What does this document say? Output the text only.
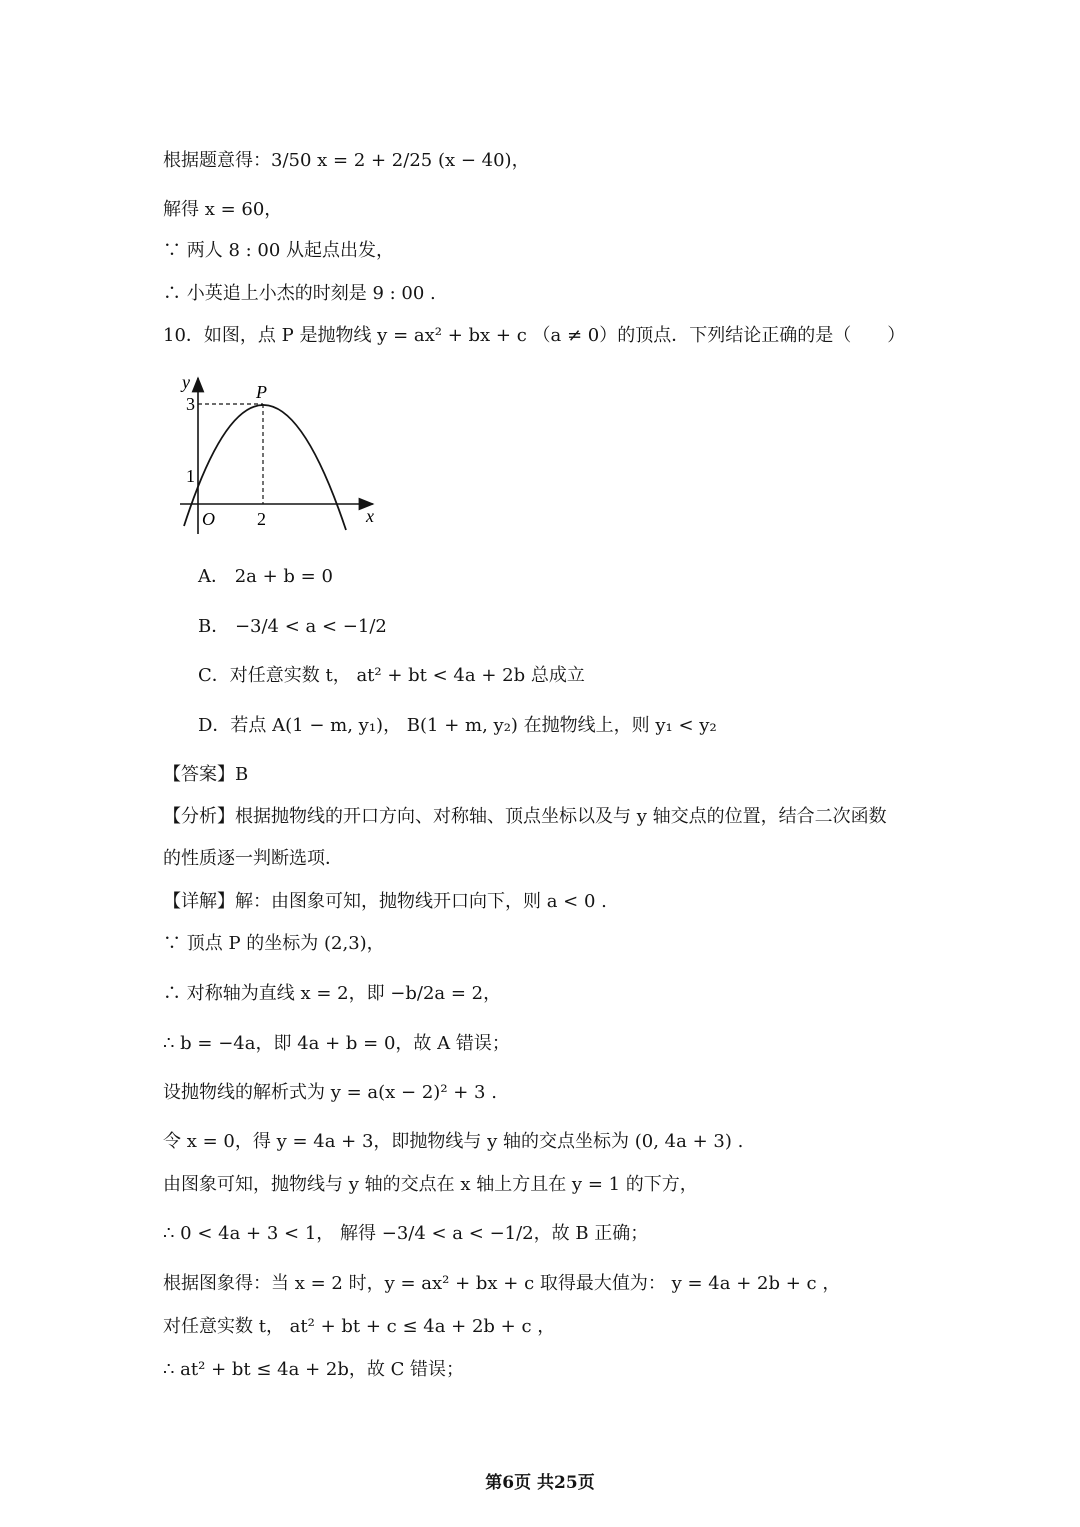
根据题意得：3/50 x = 2 + 2/25 (x − 40)，
解得 x = 60，
∵ 两人 8 : 00 从起点出发，
∴ 小英追上小杰的时刻是 9 : 00 .
10．如图，点 P 是抛物线 y = ax² + bx + c （a ≠ 0）的顶点．下列结论正确的是（　　）
y
x
P
3
1
O 2
A． 2a + b = 0
B． −3/4 < a < −1/2
C．对任意实数 t， at² + bt < 4a + 2b 总成立
D．若点 A(1 − m, y₁)， B(1 + m, y₂) 在抛物线上，则 y₁ < y₂
【答案】B
【分析】根据抛物线的开口方向、对称轴、顶点坐标以及与 y 轴交点的位置，结合二次函数
的性质逐一判断选项．
【详解】解：由图象可知，抛物线开口向下，则 a < 0 .
∵ 顶点 P 的坐标为 (2,3)，
∴ 对称轴为直线 x = 2，即 −b/2a = 2，
∴ b = −4a，即 4a + b = 0，故 A 错误；
设抛物线的解析式为 y = a(x − 2)² + 3 .
令 x = 0，得 y = 4a + 3，即抛物线与 y 轴的交点坐标为 (0, 4a + 3) .
由图象可知，抛物线与 y 轴的交点在 x 轴上方且在 y = 1 的下方，
∴ 0 < 4a + 3 < 1， 解得 −3/4 < a < −1/2，故 B 正确；
根据图象得：当 x = 2 时，y = ax² + bx + c 取得最大值为： y = 4a + 2b + c ，
对任意实数 t， at² + bt + c ≤ 4a + 2b + c ，
∴ at² + bt ≤ 4a + 2b，故 C 错误；
第6页 共25页
